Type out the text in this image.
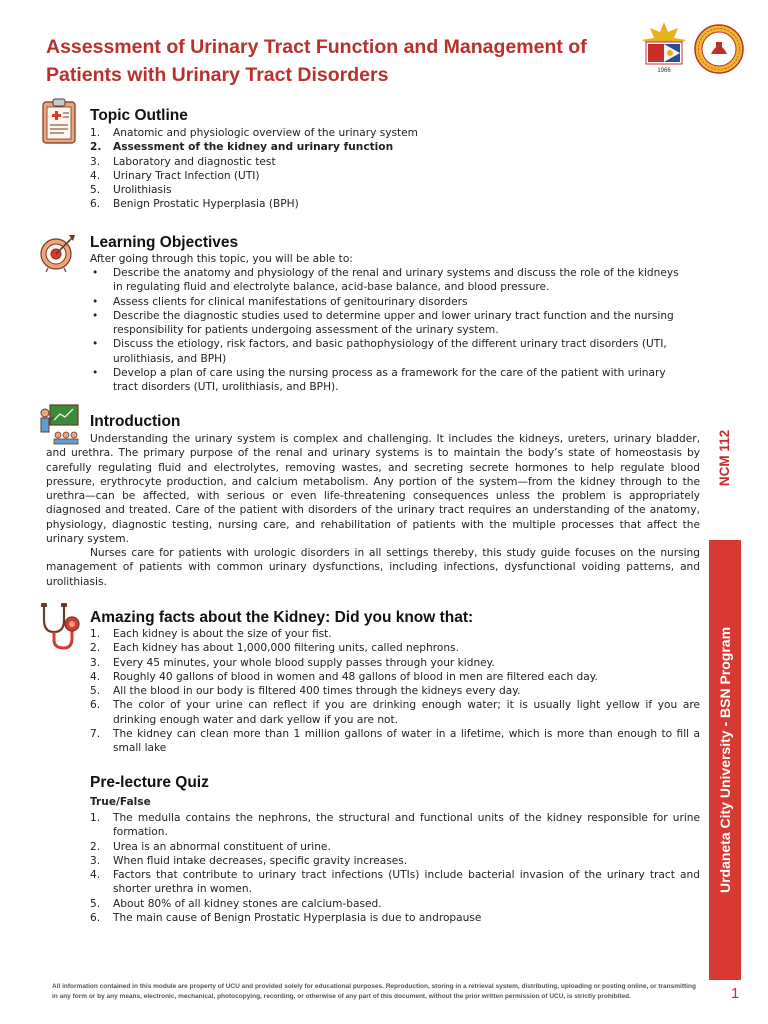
Assessment of Urinary Tract Function and Management of
Patients with Urinary Tract Disorders	1966
Topic Outline
1. Anatomic and physiologic overview of the urinary system
2. Assessment of the kidney and urinary function
3. Laboratory and diagnostic test
4. Urinary Tract Infection (UTI)
5. Urolithiasis
6. Benign Prostatic Hyperplasia (BPH)
Learning Objectives
After going through this topic, you will be able to:
• Describe the anatomy and physiology of the renal and urinary systems and discuss the role of the kidneys in regulating fluid and electrolyte balance, acid-base balance, and blood pressure.
• Assess clients for clinical manifestations of genitourinary disorders
• Describe the diagnostic studies used to determine upper and lower urinary tract function and the nursing responsibility for patients undergoing assessment of the urinary system.
• Discuss the etiology, risk factors, and basic pathophysiology of the different urinary tract disorders (UTI, urolithiasis, and BPH)
• Develop a plan of care using the nursing process as a framework for the care of the patient with urinary tract disorders (UTI, urolithiasis, and BPH).
Introduction

Understanding the urinary system is complex and challenging. It includes the kidneys, ureters, urinary bladder, and urethra. The primary purpose of the renal and urinary systems is to maintain the body’s state of homeostasis by carefully regulating fluid and electrolytes, removing wastes, and secreting secrete hormones to help regulate blood pressure, erythrocyte production, and calcium metabolism. Any portion of the system—from the kidney through to the urethra—can be affected, with serious or even life-threatening consequences unless the problem is appropriately diagnosed and treated. Care of the patient with disorders of the urinary tract requires an understanding of the anatomy, physiology, diagnostic testing, nursing care, and rehabilitation of patients with the multiple processes that affect the urinary system.

Nurses care for patients with urologic disorders in all settings thereby, this study guide focuses on the nursing management of patients with common urinary dysfunctions, including infections, dysfunctional voiding patterns, and urolithiasis.

Amazing facts about the Kidney: Did you know that:
1. Each kidney is about the size of your fist.
2. Each kidney has about 1,000,000 filtering units, called nephrons.
3. Every 45 minutes, your whole blood supply passes through your kidney.
4. Roughly 40 gallons of blood in women and 48 gallons of blood in men are filtered each day.
5. All the blood in our body is filtered 400 times through the kidneys every day.
6. The color of your urine can reflect if you are drinking enough water; it is usually light yellow if you are drinking enough water and dark yellow if you are not.
7. The kidney can clean more than 1 million gallons of water in a lifetime, which is more than enough to fill a small lake
Pre-lecture Quiz
True/False
1. The medulla contains the nephrons, the structural and functional units of the kidney responsible for urine formation.
2. Urea is an abnormal constituent of urine.
3. When fluid intake decreases, specific gravity increases.
4. Factors that contribute to urinary tract infections (UTIs) include bacterial invasion of the urinary tract and shorter urethra in women.
5. About 80% of all kidney stones are calcium-based.
6. The main cause of Benign Prostatic Hyperplasia is due to andropause
NCM 112
Urdaneta City University - BSN Program
All information contained in this module are property of UCU and provided solely for educational purposes. Reproduction, storing in a retrieval system, distributing, uploading or posting online, or transmitting
in any form or by any means, electronic, mechanical, photocopying, recording, or otherwise of any part of this document, without the prior written permission of UCU, is strictly prohibited.	1
